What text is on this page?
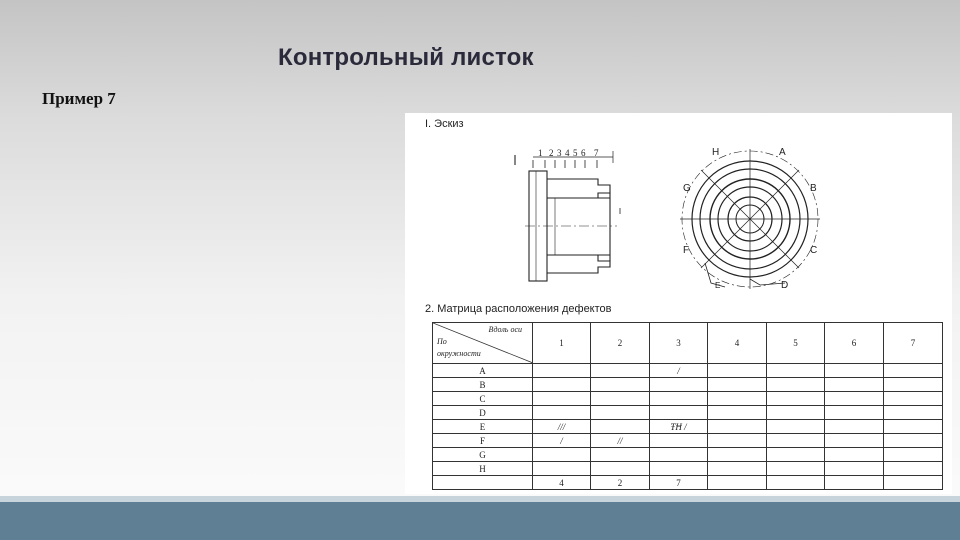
Контрольный листок
Пример 7
1 2 3 4 5 6 7	H	A
G	B
F	C
E	D
I. Эскиз
2. Матрица расположения дефектов
Вдоль оси
По
окружности	1	2	3	4	5	6	7
A			/				
B							
C							
D							
E	///		ŦĦ /				
F	/	//					
G							
H							
	4	2	7				
